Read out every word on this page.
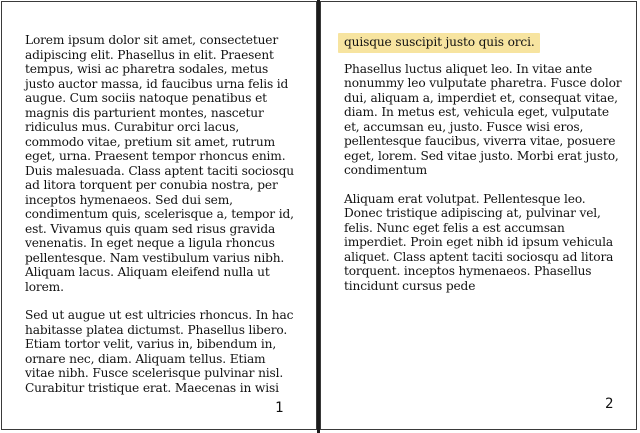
Lorem ipsum dolor sit amet, consectetuer adipiscing elit. Phasellus in elit. Praesent tempus, wisi ac pharetra sodales, metus justo auctor massa, id faucibus urna felis id augue. Cum sociis natoque penatibus et magnis dis parturient montes, nascetur ridiculus mus. Curabitur orci lacus, commodo vitae, pretium sit amet, rutrum eget, urna. Praesent tempor rhoncus enim. Duis malesuada. Class aptent taciti sociosqu ad litora torquent per conubia nostra, per inceptos hymenaeos. Sed dui sem, condimentum quis, scelerisque a, tempor id, est. Vivamus quis quam sed risus gravida venenatis. In eget neque a ligula rhoncus pellentesque. Nam vestibulum varius nibh. Aliquam lacus. Aliquam eleifend nulla ut lorem.

Sed ut augue ut est ultricies rhoncus. In hac habitasse platea dictumst. Phasellus libero. Etiam tortor velit, varius in, bibendum in, ornare nec, diam. Aliquam tellus. Etiam vitae nibh. Fusce scelerisque pulvinar nisl. Curabitur tristique erat. Maecenas in wisi

1
quisque suscipit justo quis orci.

Phasellus luctus aliquet leo. In vitae ante nonummy leo vulputate pharetra. Fusce dolor dui, aliquam a, imperdiet et, consequat vitae, diam. In metus est, vehicula eget, vulputate et, accumsan eu, justo. Fusce wisi eros, pellentesque faucibus, viverra vitae, posuere eget, lorem. Sed vitae justo. Morbi erat justo, condimentum

Aliquam erat volutpat. Pellentesque leo. Donec tristique adipiscing at, pulvinar vel, felis. Nunc eget felis a est accumsan imperdiet. Proin eget nibh id ipsum vehicula aliquet. Class aptent taciti sociosqu ad litora torquent. inceptos hymenaeos. Phasellus tincidunt cursus pede

2
